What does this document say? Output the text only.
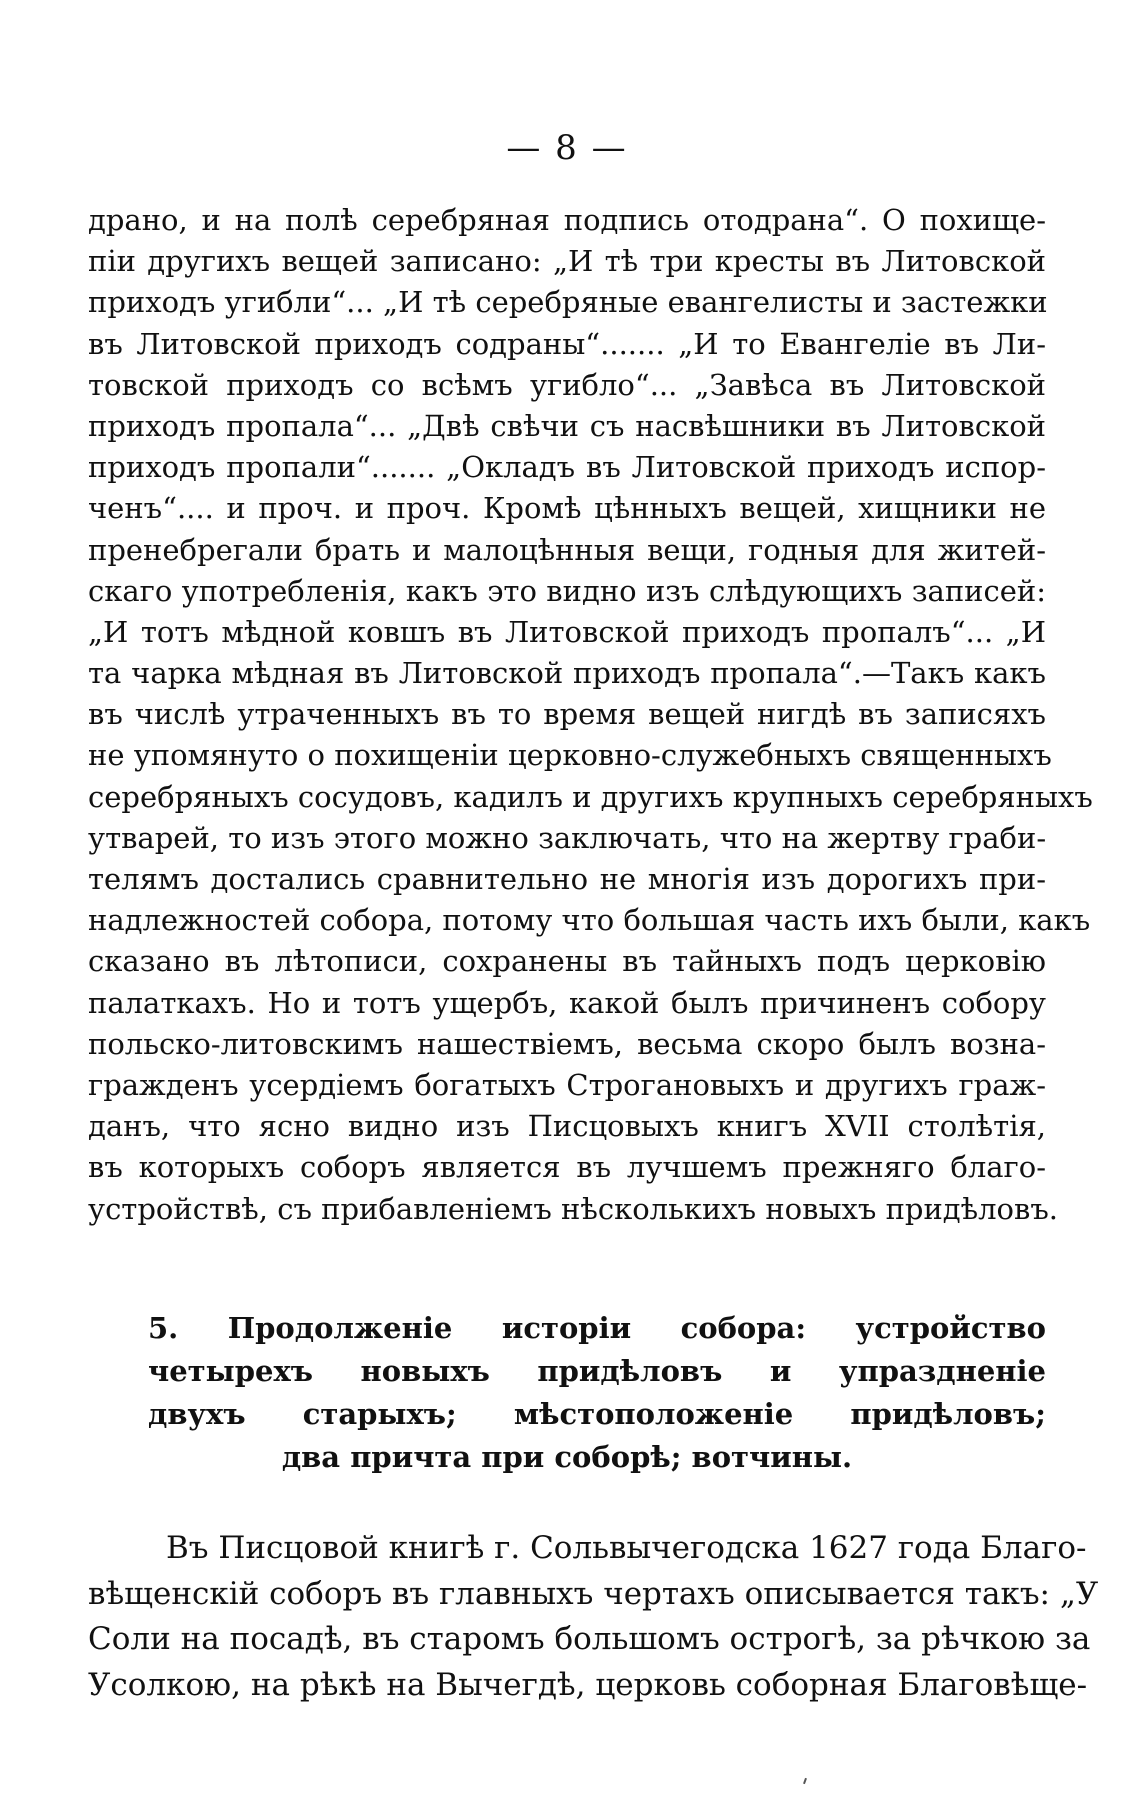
— 8 —
драно, и на полѣ серебряная подпись отодрана“. О похище-
піи другихъ вещей записано: „И тѣ три кресты въ Литовской
приходъ угибли“... „И тѣ серебряные евангелисты и застежки
въ Литовской приходъ содраны“....... „И то Евангеліе въ Ли-
товской приходъ со всѣмъ угибло“... „Завѣса въ Литовской
приходъ пропала“... „Двѣ свѣчи съ насвѣшники въ Литовской
приходъ пропали“....... „Окладъ въ Литовской приходъ испор-
ченъ“.... и проч. и проч. Кромѣ цѣнныхъ вещей, хищники не
пренебрегали брать и малоцѣнныя вещи, годныя для житей-
скаго употребленія, какъ это видно изъ слѣдующихъ записей:
„И тотъ мѣдной ковшъ въ Литовской приходъ пропалъ“... „И
та чарка мѣдная въ Литовской приходъ пропала“.—Такъ какъ
въ числѣ утраченныхъ въ то время вещей нигдѣ въ записяхъ
не упомянуто о похищеніи церковно-служебныхъ священныхъ
серебряныхъ сосудовъ, кадилъ и другихъ крупныхъ серебряныхъ
утварей, то изъ этого можно заключать, что на жертву граби-
телямъ достались сравнительно не многія изъ дорогихъ при-
надлежностей собора, потому что большая часть ихъ были, какъ
сказано въ лѣтописи, сохранены въ тайныхъ подъ церковію
палаткахъ. Но и тотъ ущербъ, какой былъ причиненъ собору
польско-литовскимъ нашествіемъ, весьма скоро былъ возна-
гражденъ усердіемъ богатыхъ Строгановыхъ и другихъ граж-
данъ, что ясно видно изъ Писцовыхъ книгъ XVII столѣтія,
въ которыхъ соборъ является въ лучшемъ прежняго благо-
устройствѣ, съ прибавленіемъ нѣсколькихъ новыхъ придѣловъ.
5. Продолженіе исторіи собора: устройство
четырехъ новыхъ придѣловъ и упраздненіе
двухъ старыхъ; мѣстоположеніе придѣловъ;
два причта при соборѣ; вотчины.
Въ Писцовой книгѣ г. Сольвычегодска 1627 года Благо-
вѣщенскій соборъ въ главныхъ чертахъ описывается такъ: „У
Соли на посадѣ, въ старомъ большомъ острогѣ, за рѣчкою за
Усолкою, на рѣкѣ на Вычегдѣ, церковь соборная Благовѣще-
